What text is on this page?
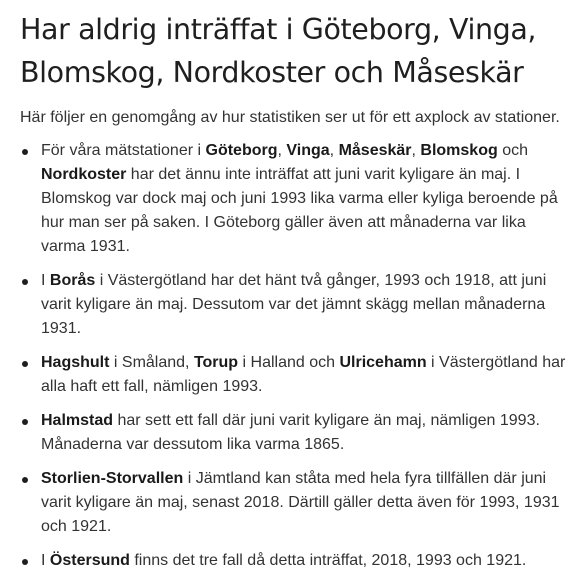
Har aldrig inträffat i Göteborg, Vinga, Blomskog, Nordkoster och Måseskär

Här följer en genomgång av hur statistiken ser ut för ett axplock av stationer.

För våra mätstationer i Göteborg, Vinga, Måseskär, Blomskog och Nordkoster har det ännu inte inträffat att juni varit kyligare än maj. I Blomskog var dock maj och juni 1993 lika varma eller kyliga beroende på hur man ser på saken. I Göteborg gäller även att månaderna var lika varma 1931.
I Borås i Västergötland har det hänt två gånger, 1993 och 1918, att juni varit kyligare än maj. Dessutom var det jämnt skägg mellan månaderna 1931.
Hagshult i Småland, Torup i Halland och Ulricehamn i Västergötland har alla haft ett fall, nämligen 1993.
Halmstad har sett ett fall där juni varit kyligare än maj, nämligen 1993. Månaderna var dessutom lika varma 1865.
Storlien-Storvallen i Jämtland kan ståta med hela fyra tillfällen där juni varit kyligare än maj, senast 2018. Därtill gäller detta även för 1993, 1931 och 1921.
I Östersund finns det tre fall då detta inträffat, 2018, 1993 och 1921.
